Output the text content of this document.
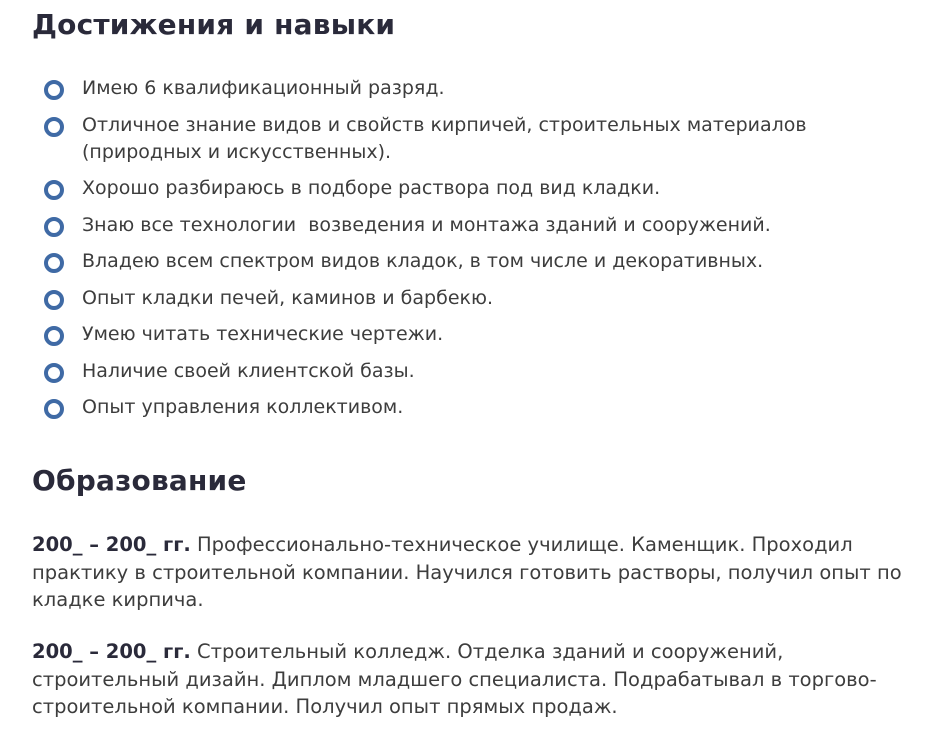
Достижения и навыки
Имею 6 квалификационный разряд.
Отличное знание видов и свойств кирпичей, строительных материалов (природных и искусственных).
Хорошо разбираюсь в подборе раствора под вид кладки.
Знаю все технологии  возведения и монтажа зданий и сооружений.
Владею всем спектром видов кладок, в том числе и декоративных.
Опыт кладки печей, каминов и барбекю.
Умею читать технические чертежи.
Наличие своей клиентской базы.
Опыт управления коллективом.
Образование

200_ – 200_ гг. Профессионально-техническое училище. Каменщик. Проходил практику в строительной компании. Научился готовить растворы, получил опыт по кладке кирпича.

200_ – 200_ гг. Строительный колледж. Отделка зданий и сооружений, строительный дизайн. Диплом младшего специалиста. Подрабатывал в торгово-строительной компании. Получил опыт прямых продаж.
